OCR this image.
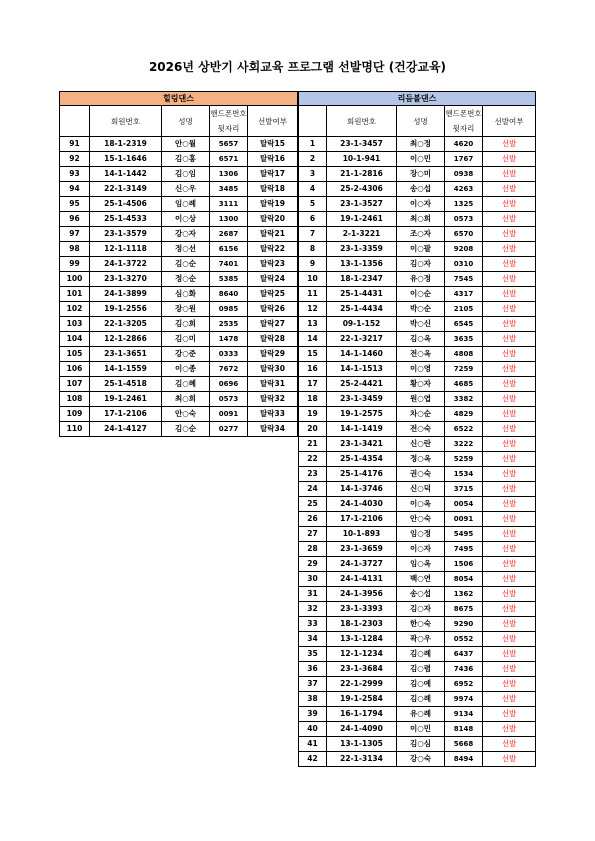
2026년 상반기 사회교육 프로그램 선발명단 (건강교육)
힐링댄스				
	회원번호	성명	핸드폰번호 뒷자리	선발여부
91	18-1-2319	안○월	5657	탈락15
92	15-1-1646	김○홍	6571	탈락16
93	14-1-1442	김○임	1306	탈락17
94	22-1-3149	신○우	3485	탈락18
95	25-1-4506	임○례	3111	탈락19
96	25-1-4533	이○상	1300	탈락20
97	23-1-3579	강○자	2687	탈락21
98	12-1-1118	정○선	6156	탈락22
99	24-1-3722	김○순	7401	탈락23
100	23-1-3270	정○순	5385	탈락24
101	24-1-3899	심○화	8640	탈락25
102	19-1-2556	장○원	0985	탈락26
103	22-1-3205	김○희	2535	탈락27
104	12-1-2866	김○미	1478	탈락28
105	23-1-3651	강○준	0333	탈락29
106	14-1-1559	이○종	7672	탈락30
107	25-1-4518	김○혜	0696	탈락31
108	19-1-2461	최○희	0573	탈락32
109	17-1-2106	안○숙	0091	탈락33
110	24-1-4127	김○순	0277	탈락34
리듬볼댄스				
	회원번호	성명	핸드폰번호 뒷자리	선발여부
1	23-1-3457	최○정	4620	선발
2	10-1-941	이○민	1767	선발
3	21-1-2816	장○미	0938	선발
4	25-2-4306	송○섭	4263	선발
5	23-1-3527	이○자	1325	선발
6	19-1-2461	최○희	0573	선발
7	2-1-3221	조○자	6570	선발
8	23-1-3359	이○팔	9208	선발
9	13-1-1356	김○자	0310	선발
10	18-1-2347	유○정	7545	선발
11	25-1-4431	이○순	4317	선발
12	25-1-4434	박○순	2105	선발
13	09-1-152	박○신	6545	선발
14	22-1-3217	김○옥	3635	선발
15	14-1-1460	전○옥	4808	선발
16	14-1-1513	이○영	7259	선발
17	25-2-4421	황○자	4685	선발
18	23-1-3459	원○엽	3382	선발
19	19-1-2575	차○순	4829	선발
20	14-1-1419	전○숙	6522	선발
21	23-1-3421	신○란	3222	선발
22	25-1-4354	정○옥	5259	선발
23	25-1-4176	권○숙	1534	선발
24	14-1-3746	신○덕	3715	선발
25	24-1-4030	이○옥	0054	선발
26	17-1-2106	안○숙	0091	선발
27	10-1-893	임○정	5495	선발
28	23-1-3659	이○자	7495	선발
29	24-1-3727	임○옥	1506	선발
30	24-1-4131	백○연	8054	선발
31	24-1-3956	송○섭	1362	선발
32	23-1-3393	김○자	8675	선발
33	18-1-2303	한○숙	9290	선발
34	13-1-1284	곽○우	0552	선발
35	12-1-1234	김○례	6437	선발
36	23-1-3684	김○렴	7436	선발
37	22-1-2999	김○예	6952	선발
38	19-1-2584	김○례	9974	선발
39	16-1-1794	유○례	9134	선발
40	24-1-4090	이○민	8148	선발
41	13-1-1305	김○심	5668	선발
42	22-1-3134	강○숙	8494	선발
